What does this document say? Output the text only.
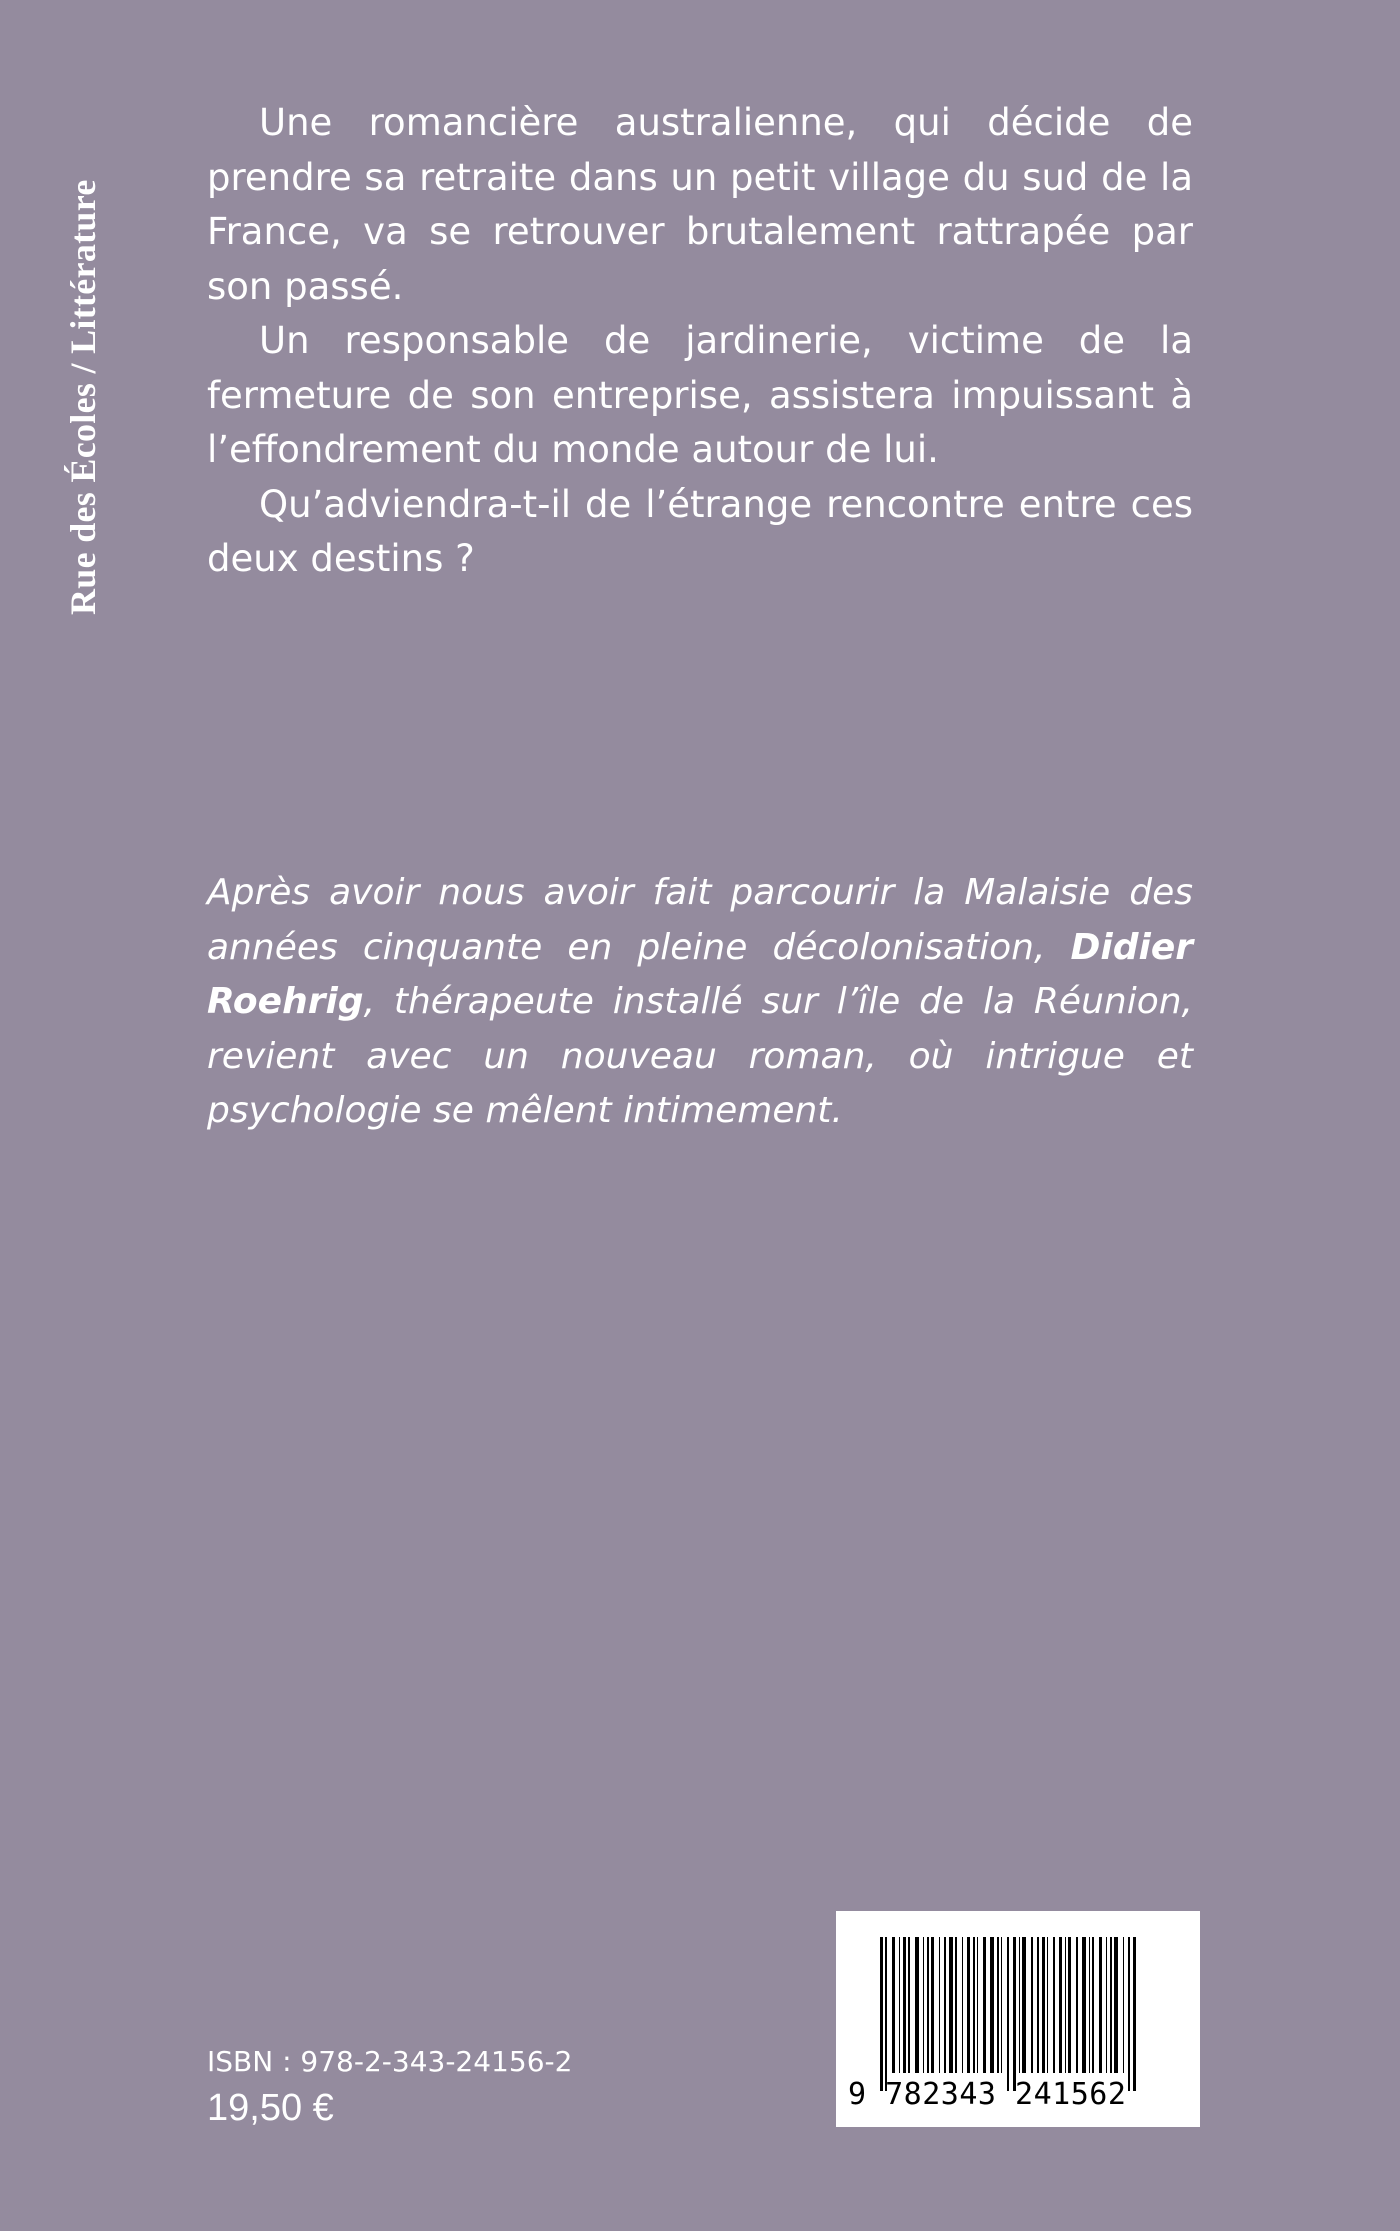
Rue des Écoles / Littérature

Une romancière australienne, qui décide de prendre sa retraite dans un petit village du sud de la France, va se retrouver brutalement rattrapée par son passé.

Un responsable de jardinerie, victime de la fermeture de son entreprise, assistera impuissant à l’effondrement du monde autour de lui.

Qu’adviendra-t-il de l’étrange rencontre entre ces deux destins ?

Après avoir nous avoir fait parcourir la Malaisie des années cinquante en pleine décolonisation, Didier Roehrig, thérapeute installé sur l’île de la Réunion, revient avec un nouveau roman, où intrigue et psychologie se mêlent intimement.
ISBN : 978-2-343-24156-2
19,50 €	9 782343 241562
